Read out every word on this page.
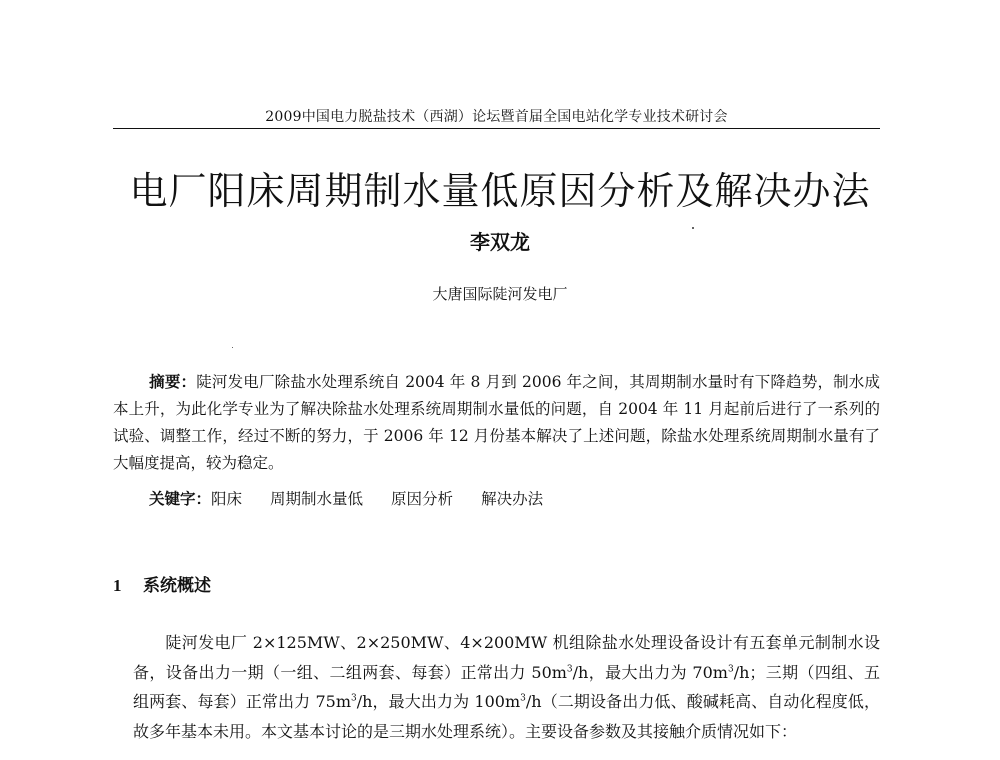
2009中国电力脱盐技术（西湖）论坛暨首届全国电站化学专业技术研讨会
电厂阳床周期制水量低原因分析及解决办法
李双龙
大唐国际陡河发电厂
摘要：陡河发电厂除盐水处理系统自 2004 年 8 月到 2006 年之间，其周期制水量时有下降趋势，制水成本上升，为此化学专业为了解决除盐水处理系统周期制水量低的问题，自 2004 年 11 月起前后进行了一系列的试验、调整工作，经过不断的努力，于 2006 年 12 月份基本解决了上述问题，除盐水处理系统周期制水量有了大幅度提高，较为稳定。
关键字：阳床 周期制水量低 原因分析 解决办法
1 系统概述
陡河发电厂 2×125MW、2×250MW、4×200MW 机组除盐水处理设备设计有五套单元制制水设备，设备出力一期（一组、二组两套、每套）正常出力 $50m^3/h$，最大出力为 $70m^3/h$；三期（四组、五组两套、每套）正常出力 $75m^3/h$，最大出力为 $100m^3/h$（二期设备出力低、酸碱耗高、自动化程度低，故多年基本未用。本文基本讨论的是三期水处理系统）。主要设备参数及其接触介质情况如下：
